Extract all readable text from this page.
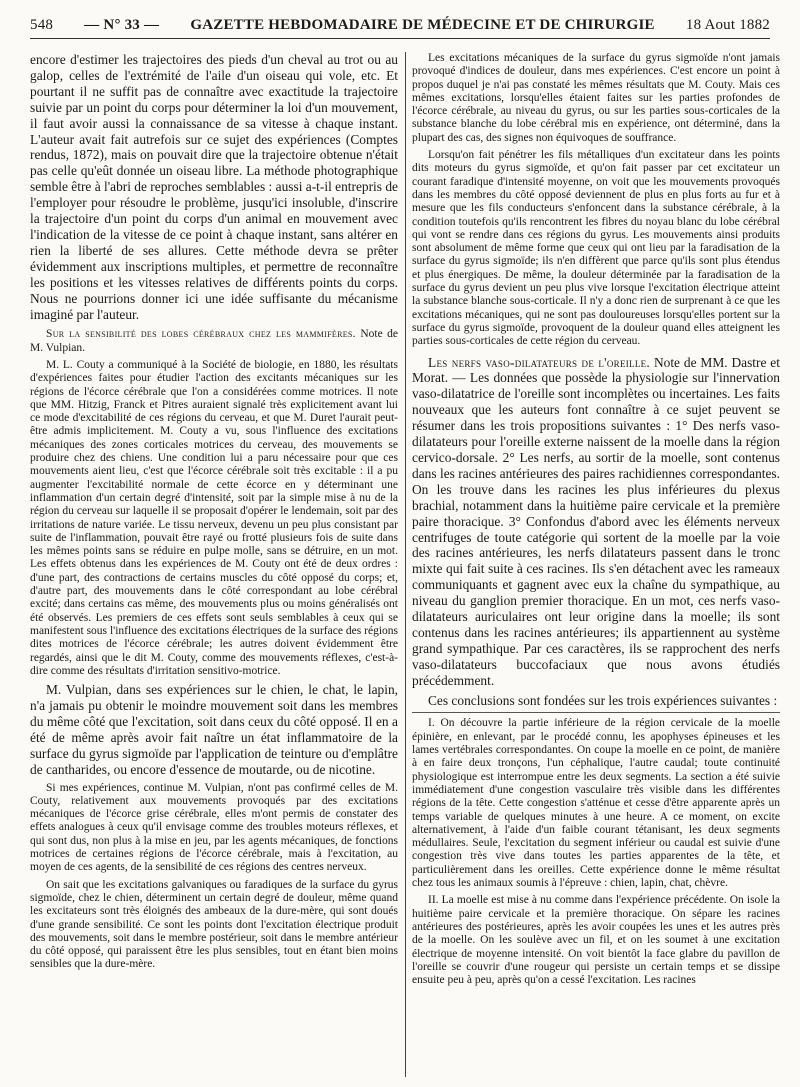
548 — N° 33 — GAZETTE HEBDOMADAIRE DE MÉDECINE ET DE CHIRURGIE 18 Aout 1882

encore d'estimer les trajectoires des pieds d'un cheval au trot ou au galop, celles de l'extrémité de l'aile d'un oiseau qui vole, etc. Et pourtant il ne suffit pas de connaître avec exactitude la trajectoire suivie par un point du corps pour déterminer la loi d'un mouvement, il faut avoir aussi la connaissance de sa vitesse à chaque instant. L'auteur avait fait autrefois sur ce sujet des expériences (Comptes rendus, 1872), mais on pouvait dire que la trajectoire obtenue n'était pas celle qu'eût donnée un oiseau libre. La méthode photographique semble être à l'abri de reproches semblables : aussi a-t-il entrepris de l'employer pour résoudre le problème, jusqu'ici insoluble, d'inscrire la trajectoire d'un point du corps d'un animal en mouvement avec l'indication de la vitesse de ce point à chaque instant, sans altérer en rien la liberté de ses allures. Cette méthode devra se prêter évidemment aux inscriptions multiples, et permettre de reconnaître les positions et les vitesses relatives de différents points du corps. Nous ne pourrions donner ici une idée suffisante du mécanisme imaginé par l'auteur.

Sur la sensibilité des lobes cérébraux chez les mammifères. Note de M. Vulpian.

M. L. Couty a communiqué à la Société de biologie, en 1880, les résultats d'expériences faites pour étudier l'action des excitants mécaniques sur les régions de l'écorce cérébrale que l'on a considérées comme motrices. Il note que MM. Hitzig, Franck et Pitres auraient signalé très explicitement avant lui ce mode d'excitabilité de ces régions du cerveau, et que M. Duret l'aurait peut-être admis implicitement. M. Couty a vu, sous l'influence des excitations mécaniques des zones corticales motrices du cerveau, des mouvements se produire chez des chiens. Une condition lui a paru nécessaire pour que ces mouvements aient lieu, c'est que l'écorce cérébrale soit très excitable : il a pu augmenter l'excitabilité normale de cette écorce en y déterminant une inflammation d'un certain degré d'intensité, soit par la simple mise à nu de la région du cerveau sur laquelle il se proposait d'opérer le lendemain, soit par des irritations de nature variée. Le tissu nerveux, devenu un peu plus consistant par suite de l'inflammation, pouvait être rayé ou frotté plusieurs fois de suite dans les mêmes points sans se réduire en pulpe molle, sans se détruire, en un mot. Les effets obtenus dans les expériences de M. Couty ont été de deux ordres : d'une part, des contractions de certains muscles du côté opposé du corps; et, d'autre part, des mouvements dans le côté correspondant au lobe cérébral excité; dans certains cas même, des mouvements plus ou moins généralisés ont été observés. Les premiers de ces effets sont seuls semblables à ceux qui se manifestent sous l'influence des excitations électriques de la surface des régions dites motrices de l'écorce cérébrale; les autres doivent évidemment être regardés, ainsi que le dit M. Couty, comme des mouvements réflexes, c'est-à-dire comme des résultats d'irritation sensitivo-motrice.

M. Vulpian, dans ses expériences sur le chien, le chat, le lapin, n'a jamais pu obtenir le moindre mouvement soit dans les membres du même côté que l'excitation, soit dans ceux du côté opposé. Il en a été de même après avoir fait naître un état inflammatoire de la surface du gyrus sigmoïde par l'application de teinture ou d'emplâtre de cantharides, ou encore d'essence de moutarde, ou de nicotine.

Si mes expériences, continue M. Vulpian, n'ont pas confirmé celles de M. Couty, relativement aux mouvements provoqués par des excitations mécaniques de l'écorce grise cérébrale, elles m'ont permis de constater des effets analogues à ceux qu'il envisage comme des troubles moteurs réflexes, et qui sont dus, non plus à la mise en jeu, par les agents mécaniques, de fonctions motrices de certaines régions de l'écorce cérébrale, mais à l'excitation, au moyen de ces agents, de la sensibilité de ces régions des centres nerveux.

On sait que les excitations galvaniques ou faradiques de la surface du gyrus sigmoïde, chez le chien, déterminent un certain degré de douleur, même quand les excitateurs sont très éloignés des ambeaux de la dure-mère, qui sont doués d'une grande sensibilité. Ce sont les points dont l'excitation électrique produit des mouvements, soit dans le membre postérieur, soit dans le membre antérieur du côté opposé, qui paraissent être les plus sensibles, tout en étant bien moins sensibles que la dure-mère.

Les excitations mécaniques de la surface du gyrus sigmoïde n'ont jamais provoqué d'indices de douleur, dans mes expériences. C'est encore un point à propos duquel je n'ai pas constaté les mêmes résultats que M. Couty. Mais ces mêmes excitations, lorsqu'elles étaient faites sur les parties profondes de l'écorce cérébrale, au niveau du gyrus, ou sur les parties sous-corticales de la substance blanche du lobe cérébral mis en expérience, ont déterminé, dans la plupart des cas, des signes non équivoques de souffrance.

Lorsqu'on fait pénétrer les fils métalliques d'un excitateur dans les points dits moteurs du gyrus sigmoïde, et qu'on fait passer par cet excitateur un courant faradique d'intensité moyenne, on voit que les mouvements provoqués dans les membres du côté opposé deviennent de plus en plus forts au fur et à mesure que les fils conducteurs s'enfoncent dans la substance cérébrale, à la condition toutefois qu'ils rencontrent les fibres du noyau blanc du lobe cérébral qui vont se rendre dans ces régions du gyrus. Les mouvements ainsi produits sont absolument de même forme que ceux qui ont lieu par la faradisation de la surface du gyrus sigmoïde; ils n'en diffèrent que parce qu'ils sont plus étendus et plus énergiques. De même, la douleur déterminée par la faradisation de la surface du gyrus devient un peu plus vive lorsque l'excitation électrique atteint la substance blanche sous-corticale. Il n'y a donc rien de surprenant à ce que les excitations mécaniques, qui ne sont pas douloureuses lorsqu'elles portent sur la surface du gyrus sigmoïde, provoquent de la douleur quand elles atteignent les parties sous-corticales de cette région du cerveau.

Les nerfs vaso-dilatateurs de l'oreille. Note de MM. Dastre et Morat. — Les données que possède la physiologie sur l'innervation vaso-dilatatrice de l'oreille sont incomplètes ou incertaines. Les faits nouveaux que les auteurs font connaître à ce sujet peuvent se résumer dans les trois propositions suivantes : 1° Des nerfs vaso-dilatateurs pour l'oreille externe naissent de la moelle dans la région cervico-dorsale. 2° Les nerfs, au sortir de la moelle, sont contenus dans les racines antérieures des paires rachidiennes correspondantes. On les trouve dans les racines les plus inférieures du plexus brachial, notamment dans la huitième paire cervicale et la première paire thoracique. 3° Confondus d'abord avec les éléments nerveux centrifuges de toute catégorie qui sortent de la moelle par la voie des racines antérieures, les nerfs dilatateurs passent dans le tronc mixte qui fait suite à ces racines. Ils s'en détachent avec les rameaux communiquants et gagnent avec eux la chaîne du sympathique, au niveau du ganglion premier thoracique. En un mot, ces nerfs vaso-dilatateurs auriculaires ont leur origine dans la moelle; ils sont contenus dans les racines antérieures; ils appartiennent au système grand sympathique. Par ces caractères, ils se rapprochent des nerfs vaso-dilatateurs buccofaciaux que nous avons étudiés précédemment.

Ces conclusions sont fondées sur les trois expériences suivantes :

I. On découvre la partie inférieure de la région cervicale de la moelle épinière, en enlevant, par le procédé connu, les apophyses épineuses et les lames vertébrales correspondantes. On coupe la moelle en ce point, de manière à en faire deux tronçons, l'un céphalique, l'autre caudal; toute continuité physiologique est interrompue entre les deux segments. La section a été suivie immédiatement d'une congestion vasculaire très visible dans les différentes régions de la tête. Cette congestion s'atténue et cesse d'être apparente après un temps variable de quelques minutes à une heure. A ce moment, on excite alternativement, à l'aide d'un faible courant tétanisant, les deux segments médullaires. Seule, l'excitation du segment inférieur ou caudal est suivie d'une congestion très vive dans toutes les parties apparentes de la tête, et particulièrement dans les oreilles. Cette expérience donne le même résultat chez tous les animaux soumis à l'épreuve : chien, lapin, chat, chèvre.

II. La moelle est mise à nu comme dans l'expérience précédente. On isole la huitième paire cervicale et la première thoracique. On sépare les racines antérieures des postérieures, après les avoir coupées les unes et les autres près de la moelle. On les soulève avec un fil, et on les soumet à une excitation électrique de moyenne intensité. On voit bientôt la face glabre du pavillon de l'oreille se couvrir d'une rougeur qui persiste un certain temps et se dissipe ensuite peu à peu, après qu'on a cessé l'excitation. Les racines
